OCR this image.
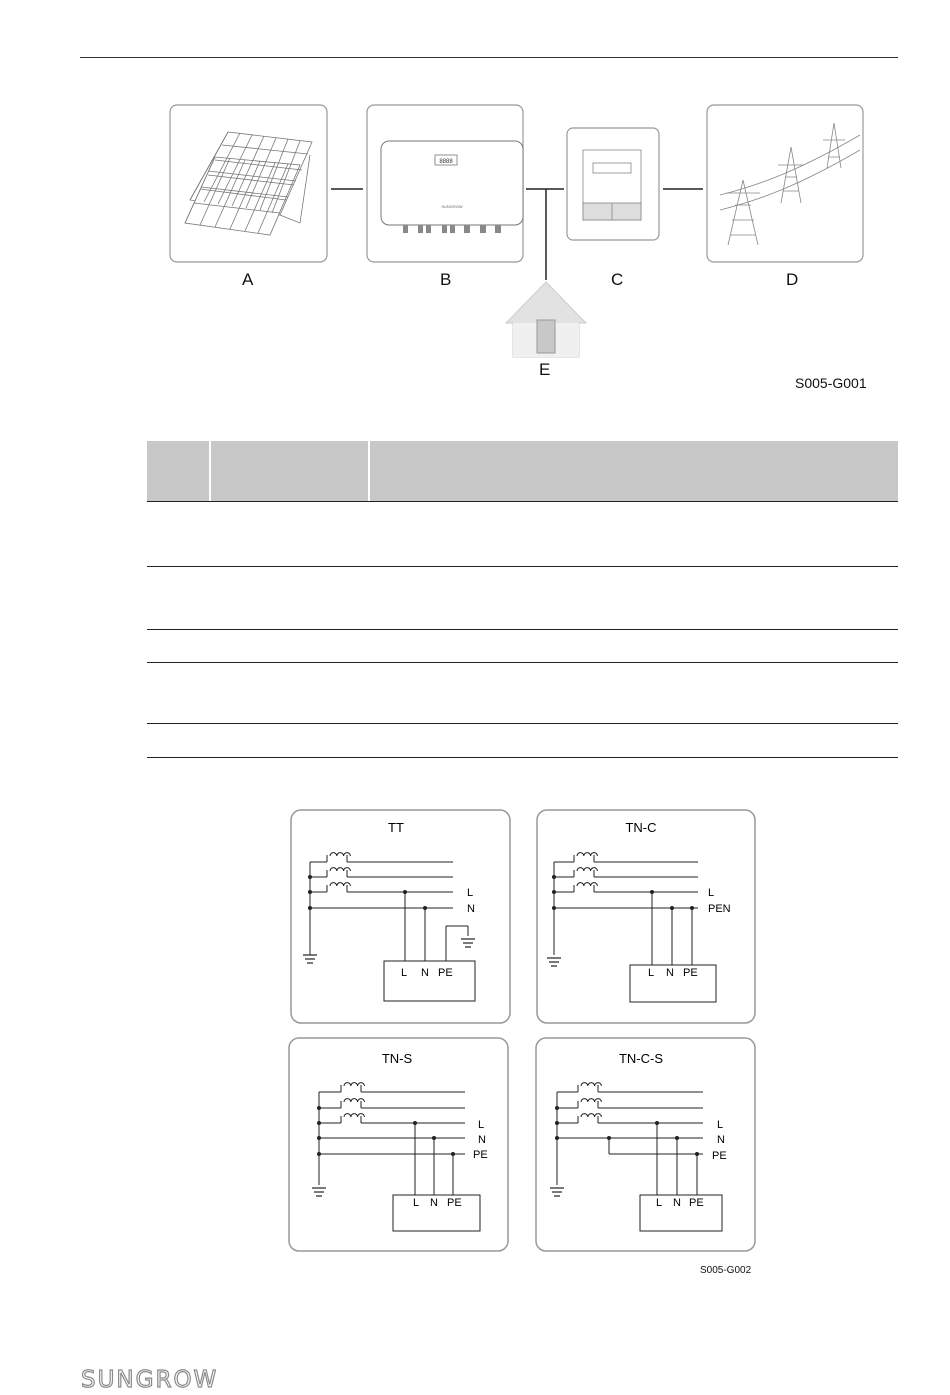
8888
SUNGROW
A	B	C	D
E
S005-G001
TT
L
N
L N PE
TN-C
L
PEN
L N PE
TN-S
L
N
PE
L N PE
TN-C-S
L
N
PE
L N PE
S005-G002
SUNGROW
